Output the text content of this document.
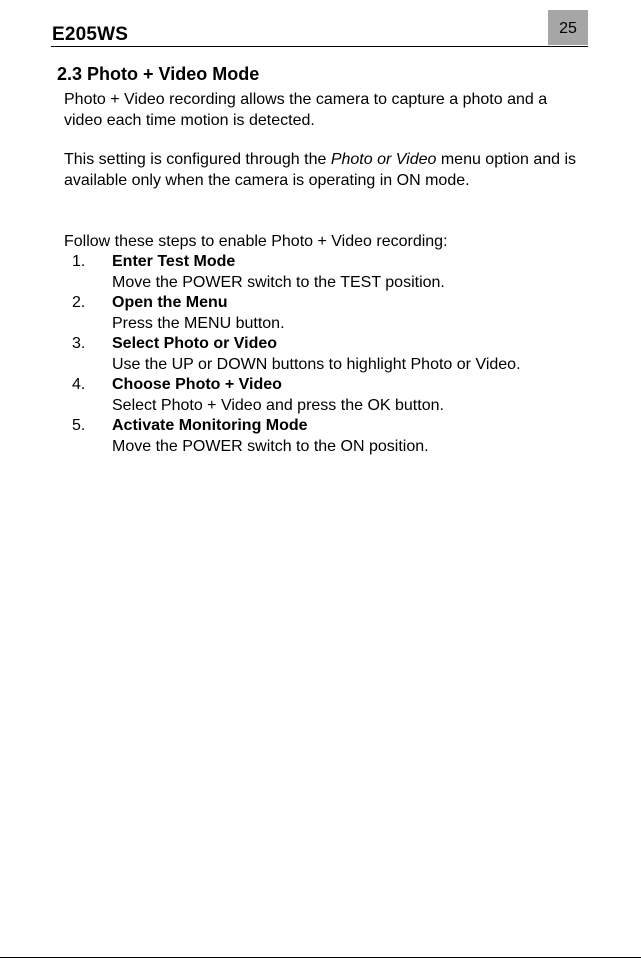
E205WS	25
2.3 Photo + Video Mode

Photo + Video recording allows the camera to capture a photo and a video each time motion is detected.

This setting is configured through the Photo or Video menu option and is available only when the camera is operating in ON mode.

Follow these steps to enable Photo + Video recording:

1. Enter Test Mode
Move the POWER switch to the TEST position.
2. Open the Menu
Press the MENU button.
3. Select Photo or Video
Use the UP or DOWN buttons to highlight Photo or Video.
4. Choose Photo + Video
Select Photo + Video and press the OK button.
5. Activate Monitoring Mode
Move the POWER switch to the ON position.
